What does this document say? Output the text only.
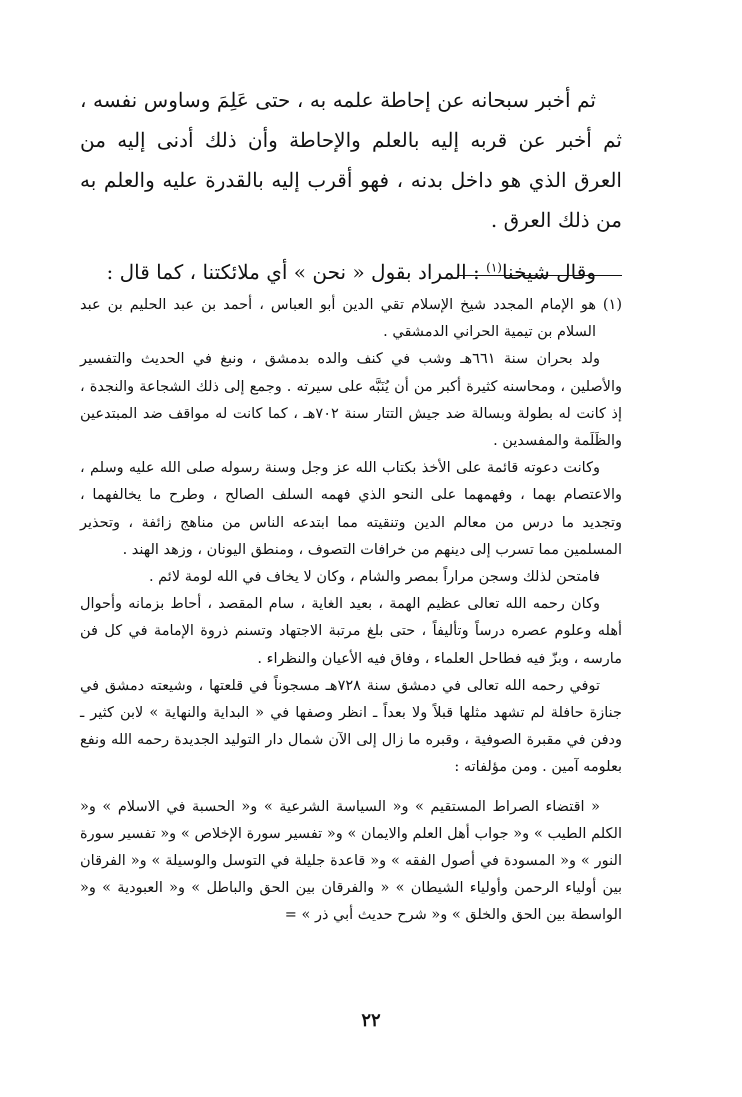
ثم أخبر سبحانه عن إحاطة علمه به ، حتى عَلِمَ وساوس نفسه ، ثم أخبر عن قربه إليه بالعلم والإحاطة وأن ذلك أدنى إليه من العرق الذي هو داخل بدنه ، فهو أقرب إليه بالقدرة عليه والعلم به من ذلك العرق .

وقال شيخنا$^{(١)}$ : المراد بقول « نحن » أي ملائكتنا ، كما قال :

(١)هو الإمام المجدد شيخ الإسلام تقي الدين أبو العباس ، أحمد بن عبد الحليم بن عبد السلام بن تيمية الحراني الدمشقي .

ولد بحران سنة ٦٦١هـ وشب في كنف والده بدمشق ، ونبغ في الحديث والتفسير والأصلين ، ومحاسنه كثيرة أكبر من أن يُنَبَّه على سيرته . وجمع إلى ذلك الشجاعة والنجدة ، إذ كانت له بطولة وبسالة ضد جيش التتار سنة ٧٠٢هـ ، كما كانت له مواقف ضد المبتدعين والظَلَمة والمفسدين .

وكانت دعوته قائمة على الأخذ بكتاب الله عز وجل وسنة رسوله صلى الله عليه وسلم ، والاعتصام بهما ، وفهمهما على النحو الذي فهمه السلف الصالح ، وطرح ما يخالفهما ، وتجديد ما درس من معالم الدين وتنقيته مما ابتدعه الناس من مناهج زائفة ، وتحذير المسلمين مما تسرب إلى دينهم من خرافات التصوف ، ومنطق اليونان ، وزهد الهند .

فامتحن لذلك وسجن مراراً بمصر والشام ، وكان لا يخاف في الله لومة لائم .

وكان رحمه الله تعالى عظيم الهمة ، بعيد الغاية ، سام المقصد ، أحاط بزمانه وأحوال أهله وعلوم عصره درساً وتأليفاً ، حتى بلغ مرتبة الاجتهاد وتسنم ذروة الإمامة في كل فن مارسه ، وبزّ فيه فطاحل العلماء ، وفاق فيه الأعيان والنظراء .

توفي رحمه الله تعالى في دمشق سنة ٧٢٨هـ مسجوناً في قلعتها ، وشيعته دمشق في جنازة حافلة لم تشهد مثلها قبلاً ولا بعداً ـ انظر وصفها في « البداية والنهاية » لابن كثير ـ ودفن في مقبرة الصوفية ، وقبره ما زال إلى الآن شمال دار التوليد الجديدة رحمه الله ونفع بعلومه آمين . ومن مؤلفاته :

« اقتضاء الصراط المستقيم » و« السياسة الشرعية » و« الحسبة في الاسلام » و« الكلم الطيب » و« جواب أهل العلم والايمان » و« تفسير سورة الإخلاص » و« تفسير سورة النور » و« المسودة في أصول الفقه » و« قاعدة جليلة في التوسل والوسيلة » و« الفرقان بين أولياء الرحمن وأولياء الشيطان » « والفرقان بين الحق والباطل » و« العبودية » و« الواسطة بين الحق والخلق » و« شرح حديث أبي ذر » =

٢٢
